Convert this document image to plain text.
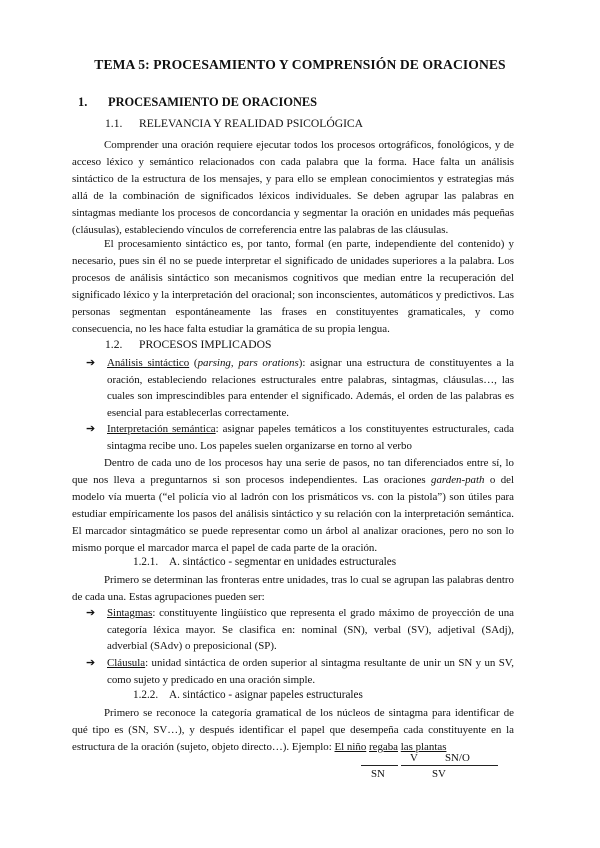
TEMA 5: PROCESAMIENTO Y COMPRENSIÓN DE ORACIONES
1. PROCESAMIENTO DE ORACIONES
1.1. RELEVANCIA Y REALIDAD PSICOLÓGICA

Comprender una oración requiere ejecutar todos los procesos ortográficos, fonológicos, y de acceso léxico y semántico relacionados con cada palabra que la forma. Hace falta un análisis sintáctico de la estructura de los mensajes, y para ello se emplean conocimientos y estrategias más allá de la combinación de significados léxicos individuales. Se deben agrupar las palabras en sintagmas mediante los procesos de concordancia y segmentar la oración en unidades más pequeñas (cláusulas), estableciendo vínculos de correferencia entre las palabras de las cláusulas.

El procesamiento sintáctico es, por tanto, formal (en parte, independiente del contenido) y necesario, pues sin él no se puede interpretar el significado de unidades superiores a la palabra. Los procesos de análisis sintáctico son mecanismos cognitivos que median entre la recuperación del significado léxico y la interpretación del oracional; son inconscientes, automáticos y predictivos. Las personas segmentan espontáneamente las frases en constituyentes gramaticales, y como consecuencia, no les hace falta estudiar la gramática de su propia lengua.

1.2. PROCESOS IMPLICADOS
➔ Análisis sintáctico (parsing, pars orations): asignar una estructura de constituyentes a la oración, estableciendo relaciones estructurales entre palabras, sintagmas, cláusulas…, las cuales son imprescindibles para entender el significado. Además, el orden de las palabras es esencial para establecerlas correctamente.
➔ Interpretación semántica: asignar papeles temáticos a los constituyentes estructurales, cada sintagma recibe uno. Los papeles suelen organizarse en torno al verbo

Dentro de cada uno de los procesos hay una serie de pasos, no tan diferenciados entre sí, lo que nos lleva a preguntarnos si son procesos independientes. Las oraciones garden-path o del modelo vía muerta (“el policía vio al ladrón con los prismáticos vs. con la pistola”) son útiles para estudiar empíricamente los pasos del análisis sintáctico y su relación con la interpretación semántica. El marcador sintagmático se puede representar como un árbol al analizar oraciones, pero no son lo mismo porque el marcador marca el papel de cada parte de la oración.

1.2.1. A. sintáctico - segmentar en unidades estructurales

Primero se determinan las fronteras entre unidades, tras lo cual se agrupan las palabras dentro de cada una. Estas agrupaciones pueden ser:

➔ Sintagmas: constituyente lingüístico que representa el grado máximo de proyección de una categoría léxica mayor. Se clasifica en: nominal (SN), verbal (SV), adjetival (SAdj), adverbial (SAdv) o preposicional (SP).
➔ Cláusula: unidad sintáctica de orden superior al sintagma resultante de unir un SN y un SV, como sujeto y predicado en una oración simple.
1.2.2. A. sintáctico - asignar papeles estructurales

Primero se reconoce la categoría gramatical de los núcleos de sintagma para identificar de qué tipo es (SN, SV…), y después identificar el papel que desempeña cada constituyente en la estructura de la oración (sujeto, objeto directo…). Ejemplo: El niño regaba las plantas

V SN/O
SN	SV
